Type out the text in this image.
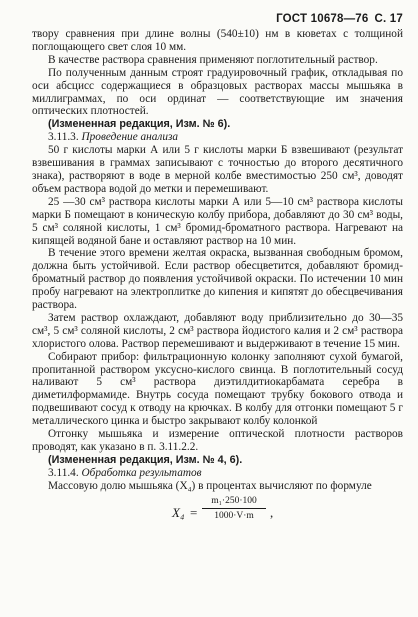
ГОСТ 10678—76 С. 17

твору сравнения при длине волны (540±10) нм в кюветах с толщиной поглощающего свет слоя 10 мм.

В качестве раствора сравнения применяют поглотительный раствор.

По полученным данным строят градуировочный график, откладывая по оси абсцисс содержащиеся в образцовых растворах массы мышьяка в миллиграммах, по оси ординат — соответствующие им значения оптических плотностей.

(Измененная редакция, Изм. № 6).

3.11.3. Проведение анализа

50 г кислоты марки А или 5 г кислоты марки Б взвешивают (результат взвешивания в граммах записывают с точностью до второго десятичного знака), растворяют в воде в мерной колбе вместимостью 250 см³, доводят объем раствора водой до метки и перемешивают.

25 —30 см³ раствора кислоты марки А или 5—10 см³ раствора кислоты марки Б помещают в коническую колбу прибора, добавляют до 30 см³ воды, 5 см³ соляной кислоты, 1 см³ бромид-броматного раствора. Нагревают на кипящей водяной бане и оставляют раствор на 10 мин.

В течение этого времени желтая окраска, вызванная свободным бромом, должна быть устойчивой. Если раствор обесцветится, добавляют бромид-броматный раствор до появления устойчивой окраски. По истечении 10 мин пробу нагревают на электроплитке до кипения и кипятят до обесцвечивания раствора.

Затем раствор охлаждают, добавляют воду приблизительно до 30—35 см³, 5 см³ соляной кислоты, 2 см³ раствора йодистого калия и 2 см³ раствора хлористого олова. Раствор перемешивают и выдерживают в течение 15 мин.

Собирают прибор: фильтрационную колонку заполняют сухой бумагой, пропитанной раствором уксусно-кислого свинца. В поглотительный сосуд наливают 5 см³ раствора диэтилдитиокарбамата серебра в диметилформамиде. Внутрь сосуда помещают трубку бокового отвода и подвешивают сосуд к отводу на крючках. В колбу для отгонки помещают 5 г металлического цинка и быстро закрывают колбу колонкой

Отгонку мышьяка и измерение оптической плотности растворов проводят, как указано в п. 3.11.2.2.

(Измененная редакция, Изм. № 4, 6).

3.11.4. Обработка результатов

Массовую долю мышьяка (X₄) в процентах вычисляют по формуле

X₄ =
m₁·250·100
1000·V·m	,
